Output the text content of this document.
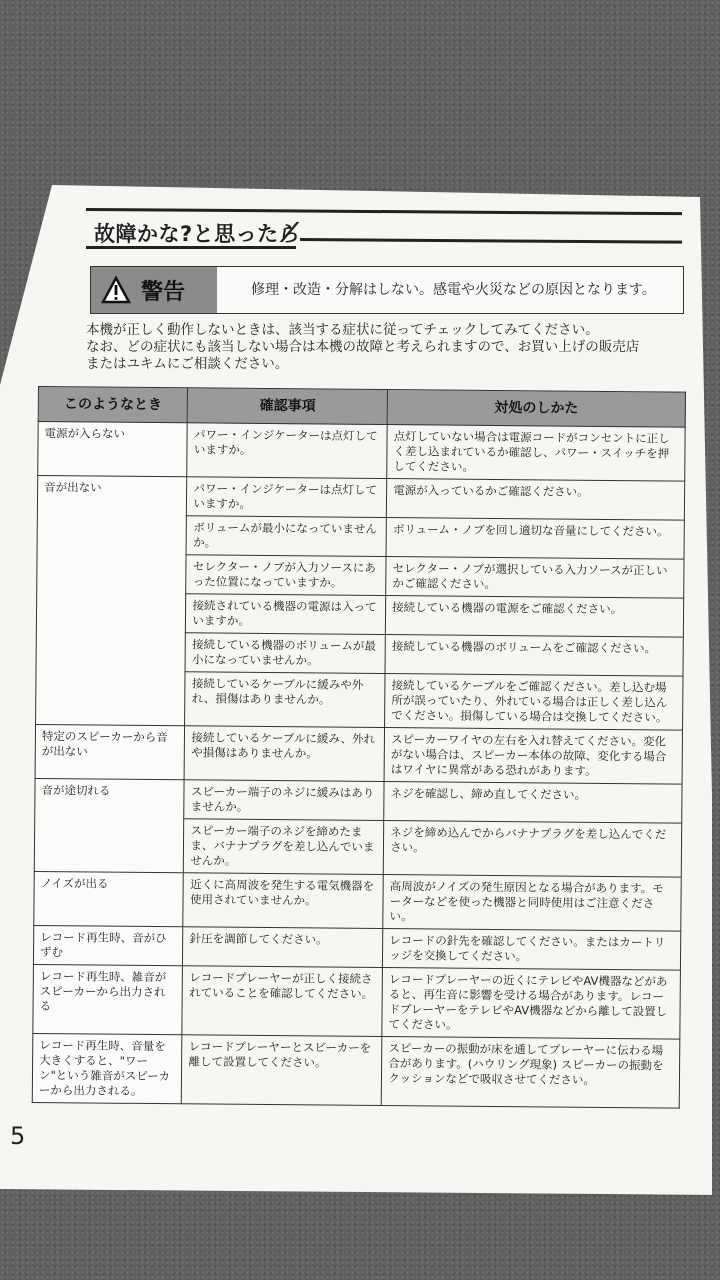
故障かな?と思ったら
警告	修理・改造・分解はしない。感電や火災などの原因となります。
本機が正しく動作しないときは、該当する症状に従ってチェックしてみてください。
なお、どの症状にも該当しない場合は本機の故障と考えられますので、お買い上げの販売店
またはユキムにご相談ください。
このようなとき	確認事項	対処のしかた
電源が入らない	パワー・インジケーターは点灯していますか。	点灯していない場合は電源コードがコンセントに正しく差し込まれているか確認し、パワー・スイッチを押してください。
音が出ない	パワー・インジケーターは点灯していますか。	電源が入っているかご確認ください。
	ボリュームが最小になっていませんか。	ボリューム・ノブを回し適切な音量にしてください。
	セレクター・ノブが入力ソースにあった位置になっていますか。	セレクター・ノブが選択している入力ソースが正しいかご確認ください。
	接続されている機器の電源は入っていますか。	接続している機器の電源をご確認ください。
	接続している機器のボリュームが最小になっていませんか。	接続している機器のボリュームをご確認ください。
	接続しているケーブルに緩みや外れ、損傷はありませんか。	接続しているケーブルをご確認ください。差し込む場所が誤っていたり、外れている場合は正しく差し込んでください。損傷している場合は交換してください。
特定のスピーカーから音が出ない	接続しているケーブルに緩み、外れや損傷はありませんか。	スピーカーワイヤの左右を入れ替えてください。変化がない場合は、スピーカー本体の故障、変化する場合はワイヤに異常がある恐れがあります。
音が途切れる	スピーカー端子のネジに緩みはありませんか。	ネジを確認し、締め直してください。
	スピーカー端子のネジを締めたまま、バナナプラグを差し込んでいませんか。	ネジを締め込んでからバナナプラグを差し込んでください。
ノイズが出る	近くに高周波を発生する電気機器を使用されていませんか。	高周波がノイズの発生原因となる場合があります。モーターなどを使った機器と同時使用はご注意ください。
レコード再生時、音がひずむ	針圧を調節してください。	レコードの針先を確認してください。またはカートリッジを交換してください。
レコード再生時、雑音がスピーカーから出力される	レコードプレーヤーが正しく接続されていることを確認してください。	レコードプレーヤーの近くにテレビやAV機器などがあると、再生音に影響を受ける場合があります。レコードプレーヤーをテレビやAV機器などから離して設置してください。
レコード再生時、音量を大きくすると、"ワーン"という雑音がスピーカーから出力される。	レコードプレーヤーとスピーカーを離して設置してください。	スピーカーの振動が床を通してプレーヤーに伝わる場合があります。(ハウリング現象) スピーカーの振動をクッションなどで吸収させてください。
5
